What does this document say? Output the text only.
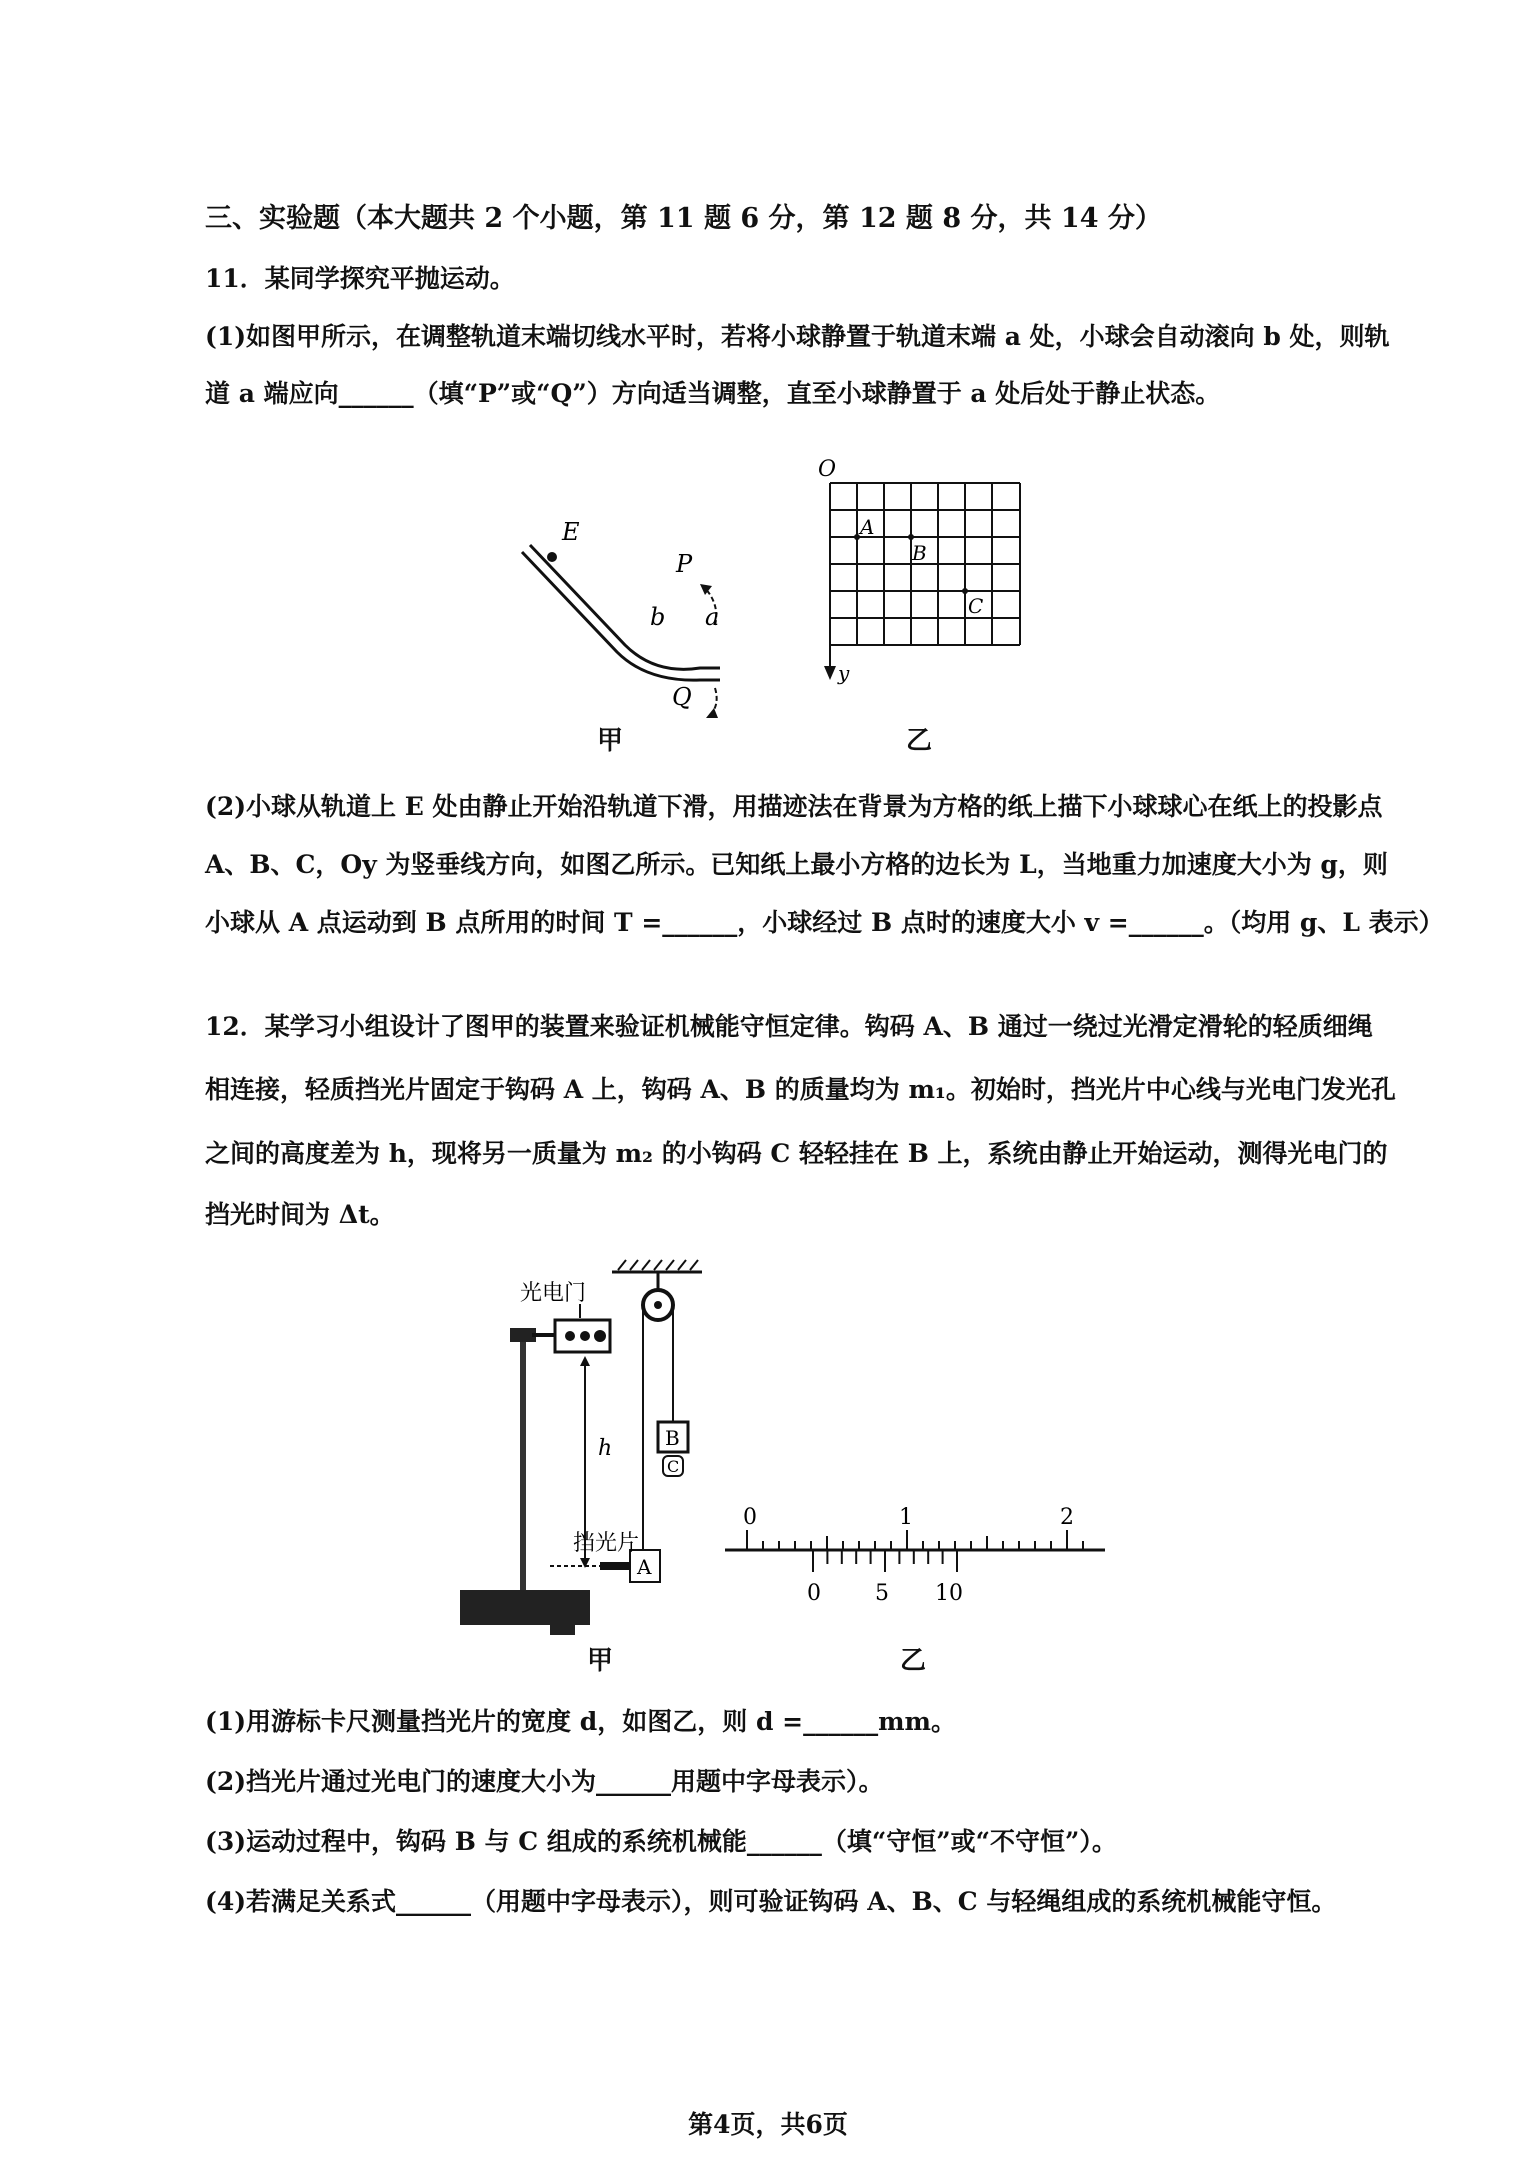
三、实验题（本大题共 2 个小题，第 11 题 6 分，第 12 题 8 分，共 14 分）
11．某同学探究平抛运动。
(1)如图甲所示，在调整轨道末端切线水平时，若将小球静置于轨道末端 a 处，小球会自动滚向 b 处，则轨
道 a 端应向______（填“P”或“Q”）方向适当调整，直至小球静置于 a 处后处于静止状态。
E
P
b a
Q
甲
O
A
B
C
y
乙
(2)小球从轨道上 E 处由静止开始沿轨道下滑，用描迹法在背景为方格的纸上描下小球球心在纸上的投影点
A、B、C，Oy 为竖垂线方向，如图乙所示。已知纸上最小方格的边长为 L，当地重力加速度大小为 g，则
小球从 A 点运动到 B 点所用的时间 T =______，小球经过 B 点时的速度大小 v =______。（均用 g、L 表示）
12．某学习小组设计了图甲的装置来验证机械能守恒定律。钩码 A、B 通过一绕过光滑定滑轮的轻质细绳
相连接，轻质挡光片固定于钩码 A 上，钩码 A、B 的质量均为 m₁。初始时，挡光片中心线与光电门发光孔
之间的高度差为 h，现将另一质量为 m₂ 的小钩码 C 轻轻挂在 B 上，系统由静止开始运动，测得光电门的
挡光时间为 Δt。
B
C
A
光电门
h
挡光片
甲
0	1	2
0 5 10
乙
(1)用游标卡尺测量挡光片的宽度 d，如图乙，则 d =______mm。
(2)挡光片通过光电门的速度大小为______用题中字母表示）。
(3)运动过程中，钩码 B 与 C 组成的系统机械能______（填“守恒”或“不守恒”）。
(4)若满足关系式______（用题中字母表示），则可验证钩码 A、B、C 与轻绳组成的系统机械能守恒。
第4页，共6页
